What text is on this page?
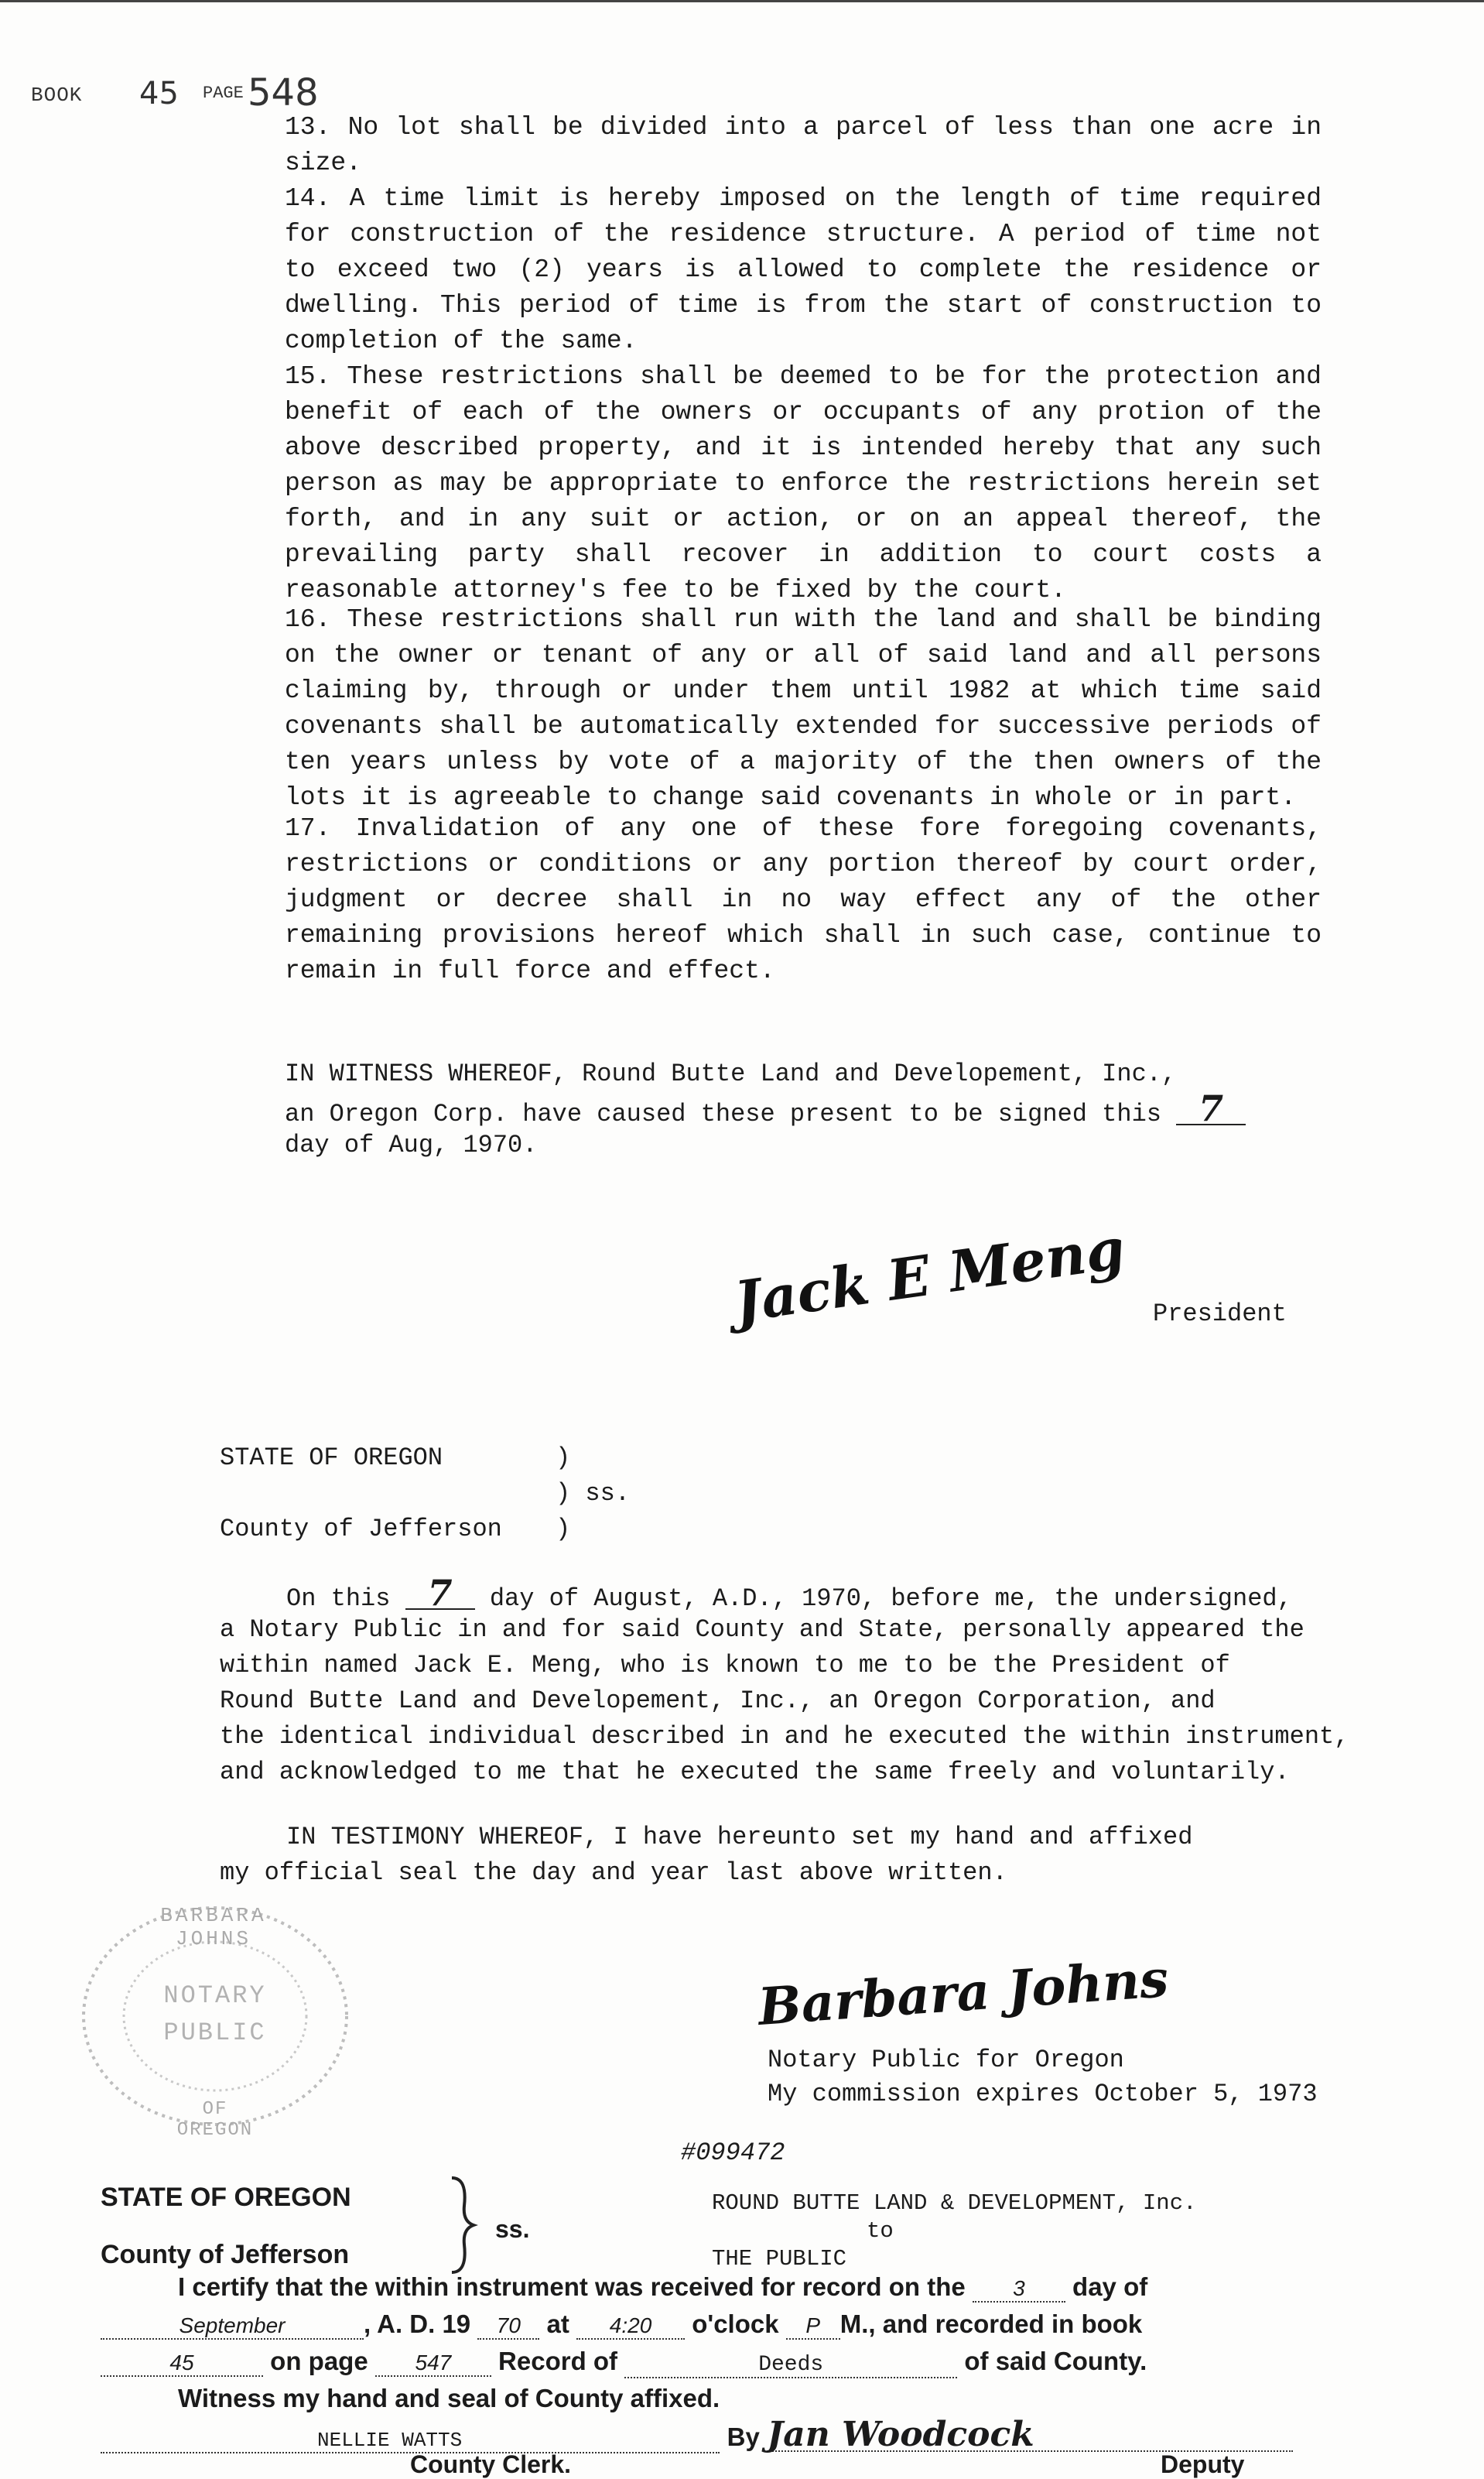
BOOK 45 PAGE 548
13. No lot shall be divided into a parcel of less than one acre in size.
14. A time limit is hereby imposed on the length of time required for construction of the residence structure. A period of time not to exceed two (2) years is allowed to complete the residence or dwelling. This period of time is from the start of construction to completion of the same.
15. These restrictions shall be deemed to be for the protection and benefit of each of the owners or occupants of any protion of the above described property, and it is intended hereby that any such person as may be appropriate to enforce the restrictions herein set forth, and in any suit or action, or on an appeal thereof, the prevailing party shall recover in addition to court costs a reasonable attorney's fee to be fixed by the court.
16. These restrictions shall run with the land and shall be binding on the owner or tenant of any or all of said land and all persons claiming by, through or under them until 1982 at which time said covenants shall be automatically extended for successive periods of ten years unless by vote of a majority of the then owners of the lots it is agreeable to change said covenants in whole or in part.
17. Invalidation of any one of these fore foregoing covenants, restrictions or conditions or any portion thereof by court order, judgment or decree shall in no way effect any of the other remaining provisions hereof which shall in such case, continue to remain in full force and effect.
IN WITNESS WHEREOF, Round Butte Land and Developement, Inc.,
an Oregon Corp. have caused these present to be signed this 7
day of Aug, 1970.
Jack E Meng President
STATE OF OREGON	)
) ss.
County of Jefferson )
On this 7 day of August, A.D., 1970, before me, the undersigned,
a Notary Public in and for said County and State, personally appeared the
within named Jack E. Meng, who is known to me to be the President of
Round Butte Land and Developement, Inc., an Oregon Corporation, and
the identical individual described in and he executed the within instrument,
and acknowledged to me that he executed the same freely and voluntarily.
IN TESTIMONY WHEREOF, I have hereunto set my hand and affixed
my official seal the day and year last above written.
BARBARA JOHNS
NOTARY
PUBLIC
OF OREGON
Barbara Johns
Notary Public for Oregon
My commission expires October 5, 1973
#099472
STATE OF OREGON
County of Jefferson
ss.
ROUND BUTTE LAND & DEVELOPMENT, Inc.
to
THE PUBLIC
I certify that the within instrument was received for record on the 3 day of
September	, A. D. 19 70 at 4:20 o'clock P M., and recorded in book
45	on page 547 Record of	Deeds	of said County.
Witness my hand and seal of County affixed.
NELLIE WATTS	By Jan Woodcock
County Clerk.	Deputy
